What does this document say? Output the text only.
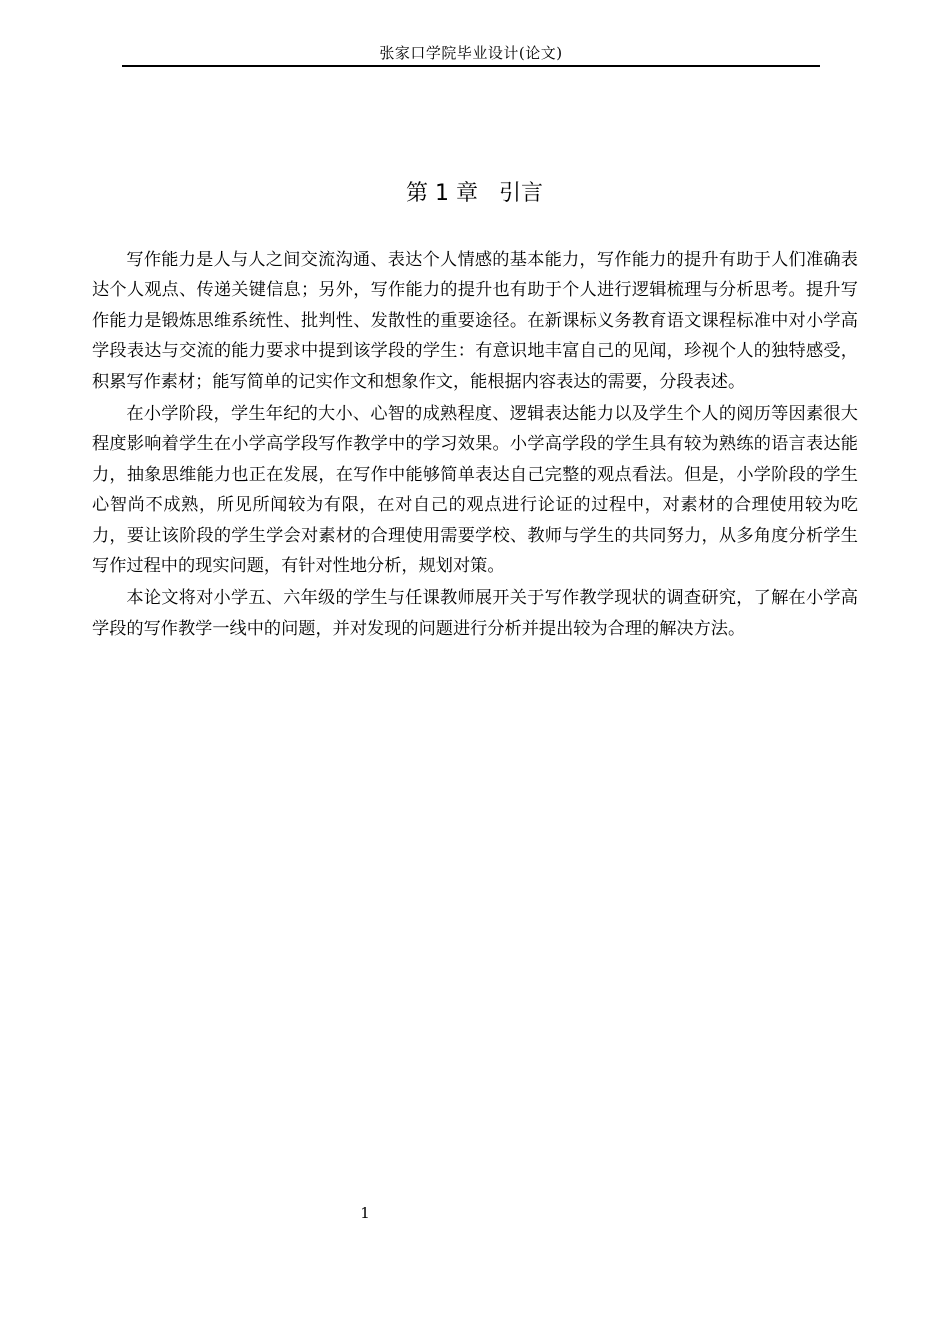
张家口学院毕业设计(论文)
第 1 章   引言

写作能力是人与人之间交流沟通、表达个人情感的基本能力，写作能力的提升有助于人们准确表达个人观点、传递关键信息；另外，写作能力的提升也有助于个人进行逻辑梳理与分析思考。提升写作能力是锻炼思维系统性、批判性、发散性的重要途径。在新课标义务教育语文课程标准中对小学高学段表达与交流的能力要求中提到该学段的学生：有意识地丰富自己的见闻，珍视个人的独特感受，积累写作素材；能写简单的记实作文和想象作文，能根据内容表达的需要，分段表述。

在小学阶段，学生年纪的大小、心智的成熟程度、逻辑表达能力以及学生个人的阅历等因素很大程度影响着学生在小学高学段写作教学中的学习效果。小学高学段的学生具有较为熟练的语言表达能力，抽象思维能力也正在发展，在写作中能够简单表达自己完整的观点看法。但是，小学阶段的学生心智尚不成熟，所见所闻较为有限，在对自己的观点进行论证的过程中，对素材的合理使用较为吃力，要让该阶段的学生学会对素材的合理使用需要学校、教师与学生的共同努力，从多角度分析学生写作过程中的现实问题，有针对性地分析，规划对策。

本论文将对小学五、六年级的学生与任课教师展开关于写作教学现状的调查研究，了解在小学高学段的写作教学一线中的问题，并对发现的问题进行分析并提出较为合理的解决方法。

1
